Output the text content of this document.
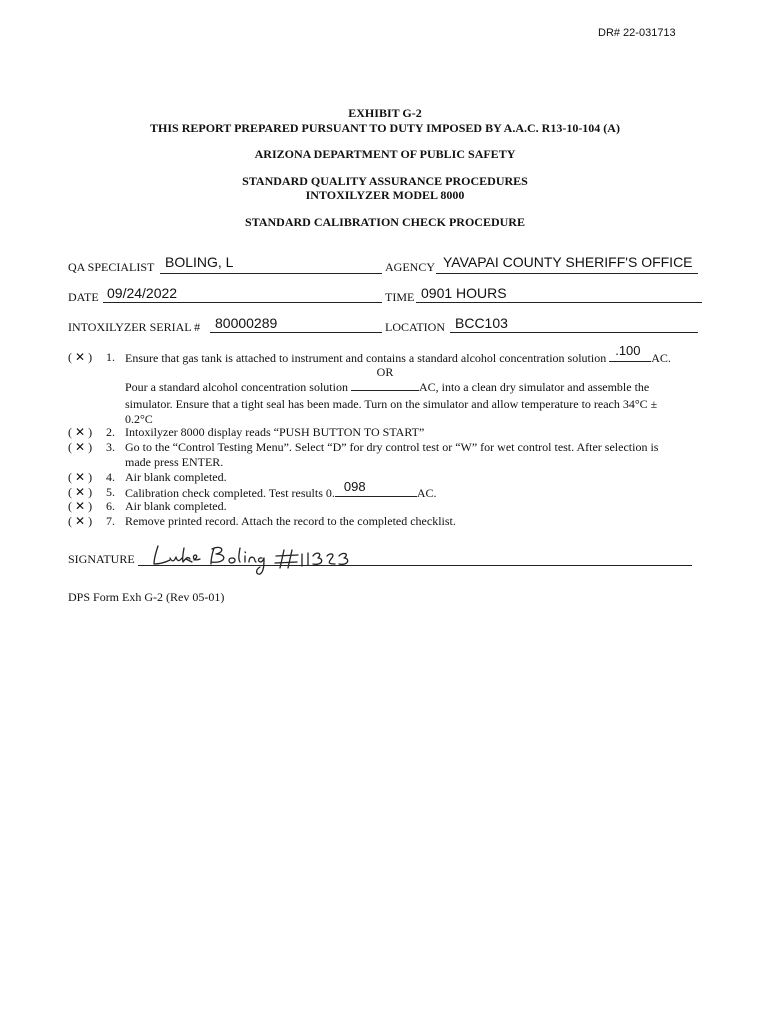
DR# 22-031713
EXHIBIT G-2
THIS REPORT PREPARED PURSUANT TO DUTY IMPOSED BY A.A.C. R13-10-104 (A)
ARIZONA DEPARTMENT OF PUBLIC SAFETY
STANDARD QUALITY ASSURANCE PROCEDURES
INTOXILYZER MODEL 8000
STANDARD CALIBRATION CHECK PROCEDURE
QA SPECIALIST BOLING, L	AGENCY YAVAPAI COUNTY SHERIFF'S OFFICE
DATE 09/24/2022	TIME 0901 HOURS
INTOXILYZER SERIAL # 80000289	LOCATION BCC103
( ✕ )	1. Ensure that gas tank is attached to instrument and contains a standard alcohol concentration solution .100 AC.
OR
Pour a standard alcohol concentration solution	AC, into a clean dry simulator and assemble the
simulator. Ensure that a tight seal has been made. Turn on the simulator and allow temperature to reach 34°C ±
0.2°C
( ✕ )	2. Intoxilyzer 8000 display reads “PUSH BUTTON TO START”
( ✕ )	3. Go to the “Control Testing Menu”. Select “D” for dry control test or “W” for wet control test. After selection is
made press ENTER.
( ✕ )	4. Air blank completed.
( ✕ )	5. Calibration check completed. Test results 0. 098	AC.
( ✕ )	6. Air blank completed.
( ✕ )	7. Remove printed record. Attach the record to the completed checklist.
SIGNATURE
DPS Form Exh G-2 (Rev 05-01)
